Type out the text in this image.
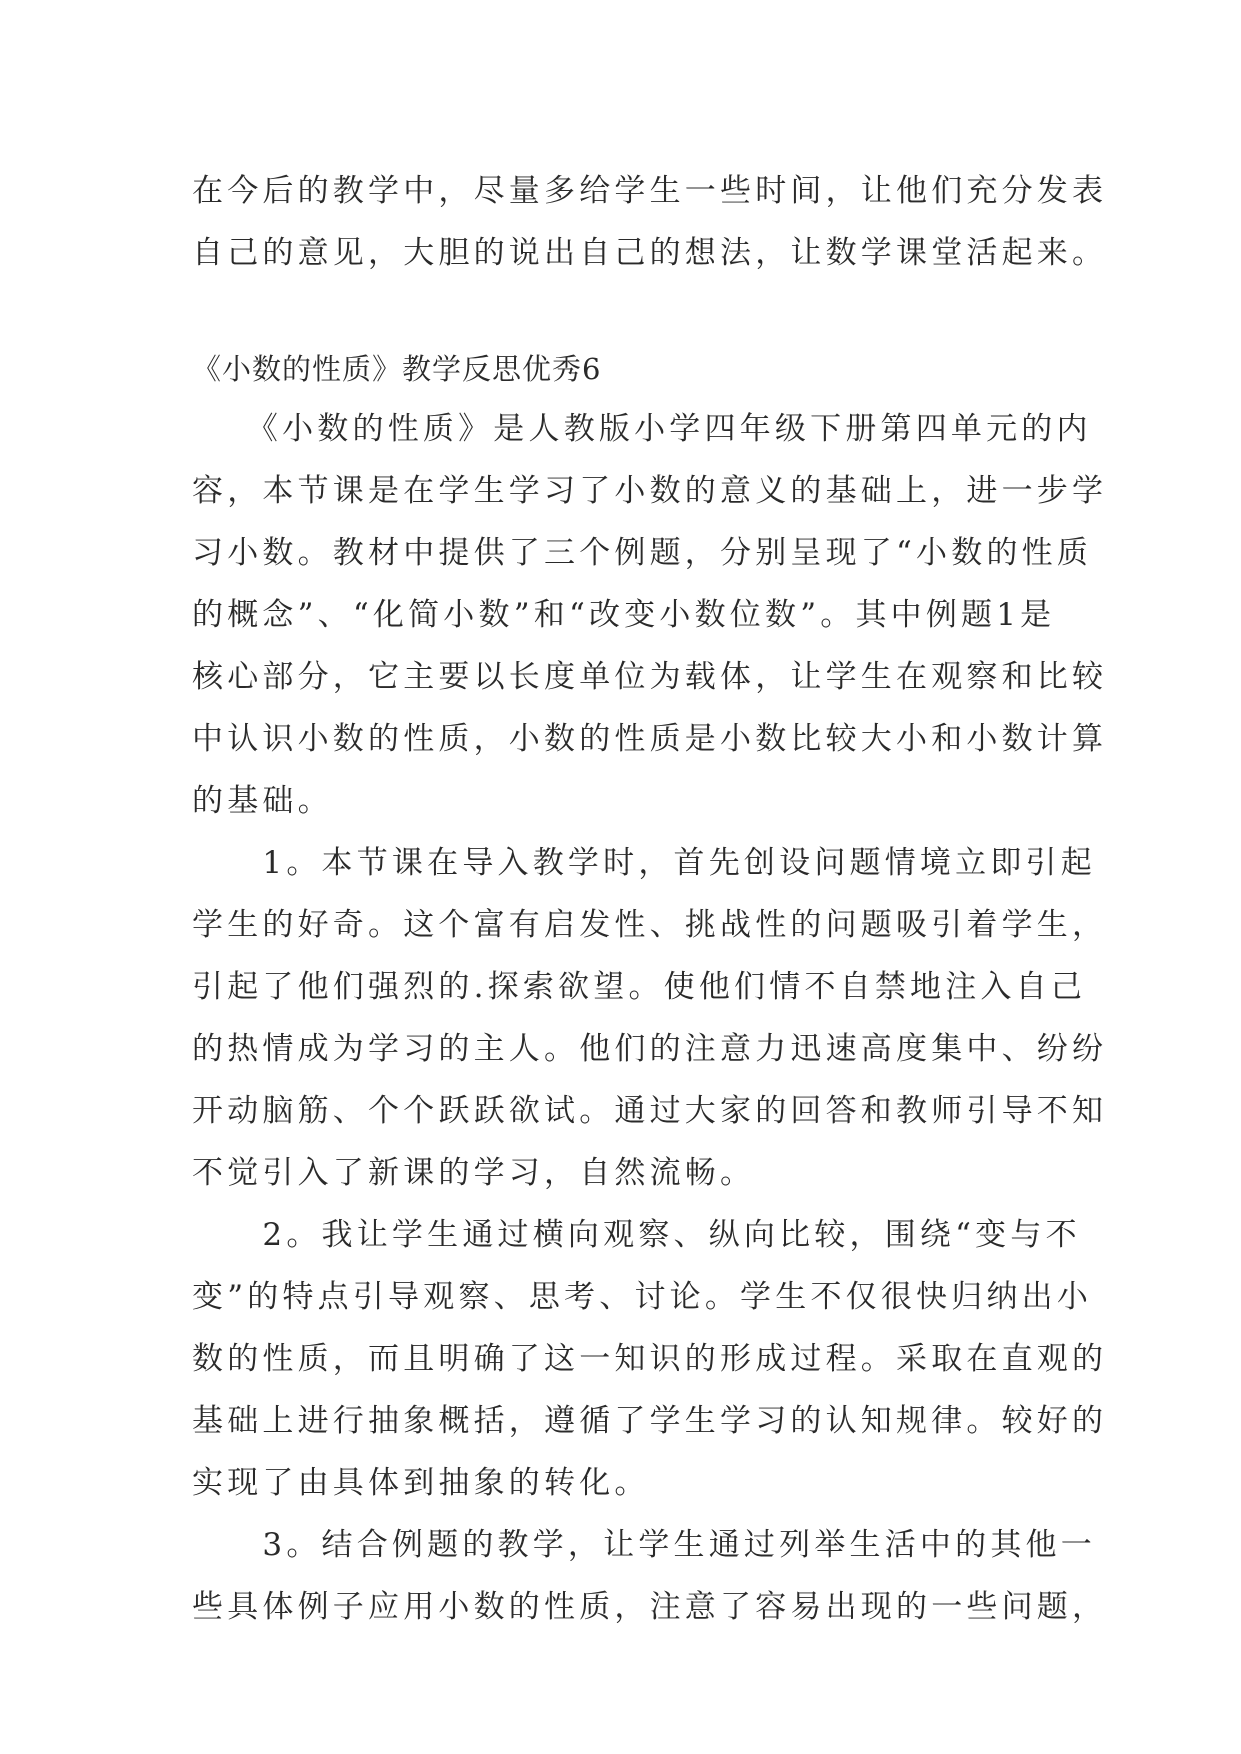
在今后的教学中，尽量多给学生一些时间，让他们充分发表
自己的意见，大胆的说出自己的想法，让数学课堂活起来。
《小数的性质》教学反思优秀6
　　《小数的性质》是人教版小学四年级下册第四单元的内
容，本节课是在学生学习了小数的意义的基础上，进一步学
习小数。教材中提供了三个例题，分别呈现了“小数的性质
的概念”、“化简小数”和“改变小数位数”。其中例题1是
核心部分，它主要以长度单位为载体，让学生在观察和比较
中认识小数的性质，小数的性质是小数比较大小和小数计算
的基础。
　　1。本节课在导入教学时，首先创设问题情境立即引起
学生的好奇。这个富有启发性、挑战性的问题吸引着学生，
引起了他们强烈的.探索欲望。使他们情不自禁地注入自己
的热情成为学习的主人。他们的注意力迅速高度集中、纷纷
开动脑筋、个个跃跃欲试。通过大家的回答和教师引导不知
不觉引入了新课的学习，自然流畅。
　　2。我让学生通过横向观察、纵向比较，围绕“变与不
变”的特点引导观察、思考、讨论。学生不仅很快归纳出小
数的性质，而且明确了这一知识的形成过程。采取在直观的
基础上进行抽象概括，遵循了学生学习的认知规律。较好的
实现了由具体到抽象的转化。
　　3。结合例题的教学，让学生通过列举生活中的其他一
些具体例子应用小数的性质，注意了容易出现的一些问题，
